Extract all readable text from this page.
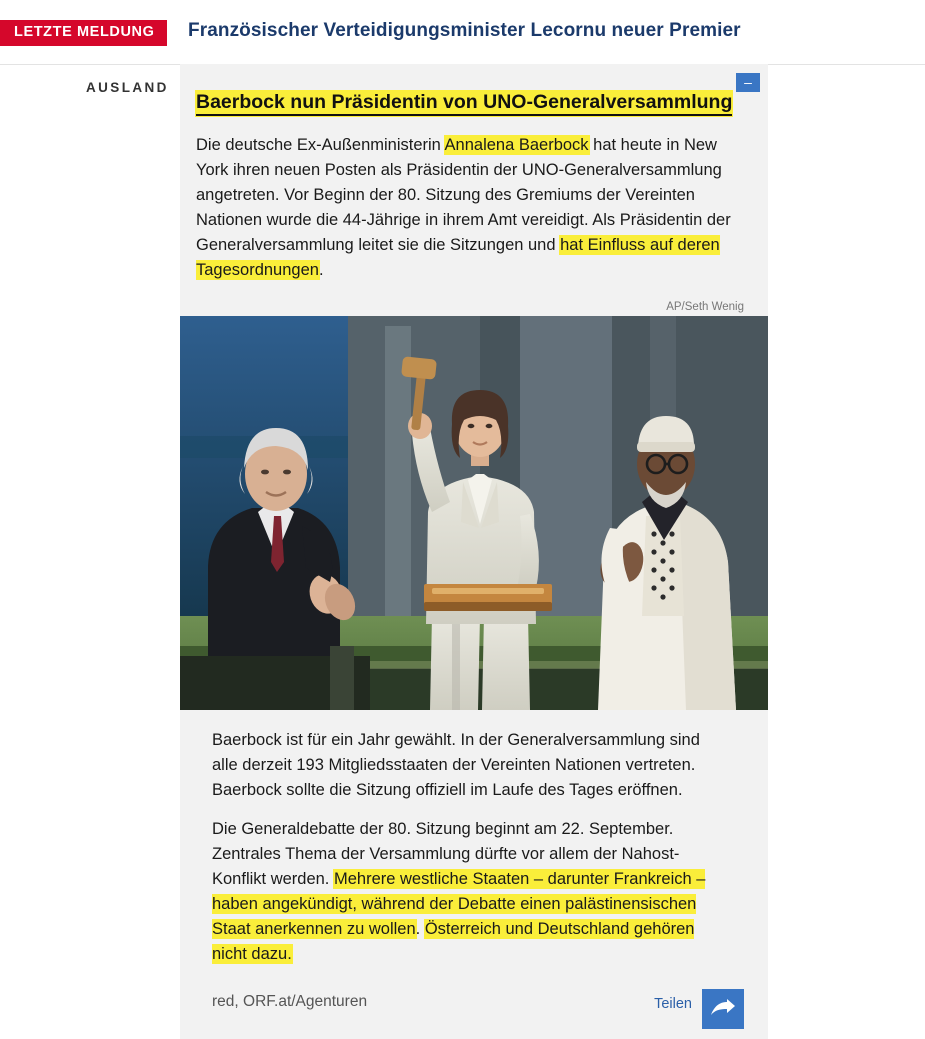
LETZTE MELDUNG	Französischer Verteidigungsminister Lecornu neuer Premier
AUSLAND	–
Baerbock nun Präsidentin von UNO-Generalversammlung

Die deutsche Ex-Außenministerin Annalena Baerbock hat heute in New York ihren neuen Posten als Präsidentin der UNO-Generalversammlung angetreten. Vor Beginn der 80. Sitzung des Gremiums der Vereinten Nationen wurde die 44-Jährige in ihrem Amt vereidigt. Als Präsidentin der Generalversammlung leitet sie die Sitzungen und hat Einfluss auf deren Tagesordnungen.

AP/Seth Wenig

Baerbock ist für ein Jahr gewählt. In der Generalversammlung sind alle derzeit 193 Mitgliedsstaaten der Vereinten Nationen vertreten. Baerbock sollte die Sitzung offiziell im Laufe des Tages eröffnen.

Die Generaldebatte der 80. Sitzung beginnt am 22. September. Zentrales Thema der Versammlung dürfte vor allem der Nahost-Konflikt werden. Mehrere westliche Staaten – darunter Frankreich – haben angekündigt, während der Debatte einen palästinensischen Staat anerkennen zu wollen. Österreich und Deutschland gehören nicht dazu.

red, ORF.at/Agenturen	Teilen
